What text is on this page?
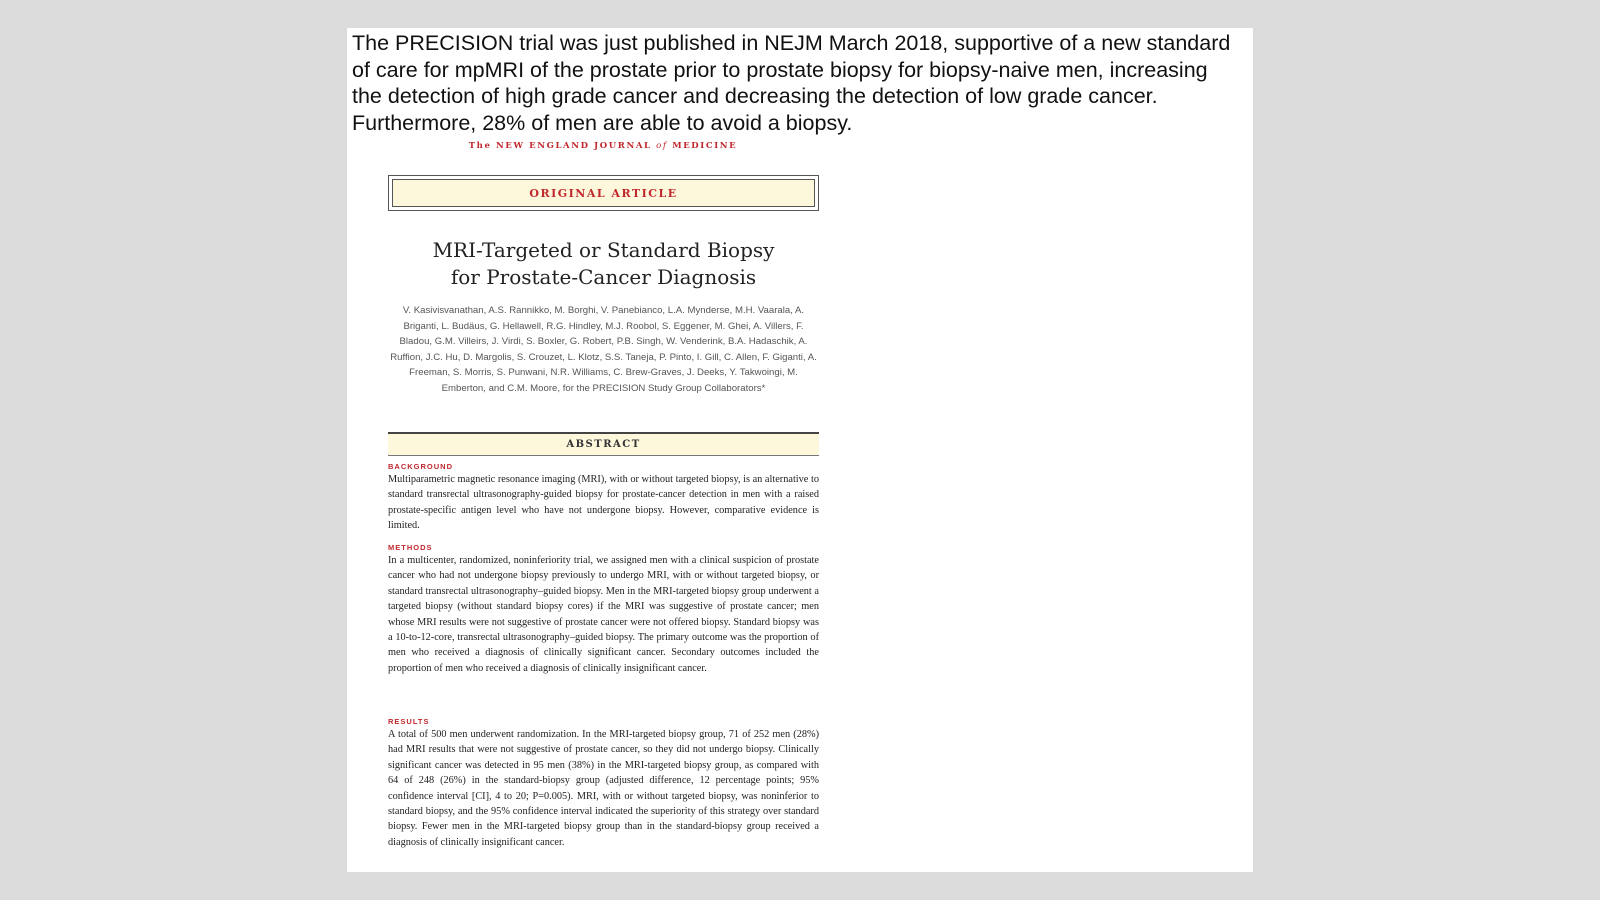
The PRECISION trial was just published in NEJM March 2018, supportive of a new standard of care for mpMRI of the prostate prior to prostate biopsy for biopsy-naive men, increasing the detection of high grade cancer and decreasing the detection of low grade cancer. Furthermore, 28% of men are able to avoid a biopsy.

The NEW ENGLAND JOURNAL of MEDICINE
ORIGINAL ARTICLE
MRI-Targeted or Standard Biopsy
for Prostate-Cancer Diagnosis

V. Kasivisvanathan, A.S. Rannikko, M. Borghi, V. Panebianco, L.A. Mynderse, M.H. Vaarala, A. Briganti, L. Budäus, G. Hellawell, R.G. Hindley, M.J. Roobol, S. Eggener, M. Ghei, A. Villers, F. Bladou, G.M. Villeirs, J. Virdi, S. Boxler, G. Robert, P.B. Singh, W. Venderink, B.A. Hadaschik, A. Ruffion, J.C. Hu, D. Margolis, S. Crouzet, L. Klotz, S.S. Taneja, P. Pinto, I. Gill, C. Allen, F. Giganti, A. Freeman, S. Morris, S. Punwani, N.R. Williams, C. Brew-Graves, J. Deeks, Y. Takwoingi, M. Emberton, and C.M. Moore, for the PRECISION Study Group Collaborators*

ABSTRACT
BACKGROUND

Multiparametric magnetic resonance imaging (MRI), with or without targeted biopsy, is an alternative to standard transrectal ultrasonography-guided biopsy for prostate-cancer detection in men with a raised prostate-specific antigen level who have not undergone biopsy. However, comparative evidence is limited.

METHODS

In a multicenter, randomized, noninferiority trial, we assigned men with a clinical suspicion of prostate cancer who had not undergone biopsy previously to undergo MRI, with or without targeted biopsy, or standard transrectal ultrasonography–guided biopsy. Men in the MRI-targeted biopsy group underwent a targeted biopsy (without standard biopsy cores) if the MRI was suggestive of prostate cancer; men whose MRI results were not suggestive of prostate cancer were not offered biopsy. Standard biopsy was a 10-to-12-core, transrectal ultrasonography–guided biopsy. The primary outcome was the proportion of men who received a diagnosis of clinically significant cancer. Secondary outcomes included the proportion of men who received a diagnosis of clinically insignificant cancer.

RESULTS

A total of 500 men underwent randomization. In the MRI-targeted biopsy group, 71 of 252 men (28%) had MRI results that were not suggestive of prostate cancer, so they did not undergo biopsy. Clinically significant cancer was detected in 95 men (38%) in the MRI-targeted biopsy group, as compared with 64 of 248 (26%) in the standard-biopsy group (adjusted difference, 12 percentage points; 95% confidence interval [CI], 4 to 20; P=0.005). MRI, with or without targeted biopsy, was noninferior to standard biopsy, and the 95% confidence interval indicated the superiority of this strategy over standard biopsy. Fewer men in the MRI-targeted biopsy group than in the standard-biopsy group received a diagnosis of clinically insignificant cancer.
